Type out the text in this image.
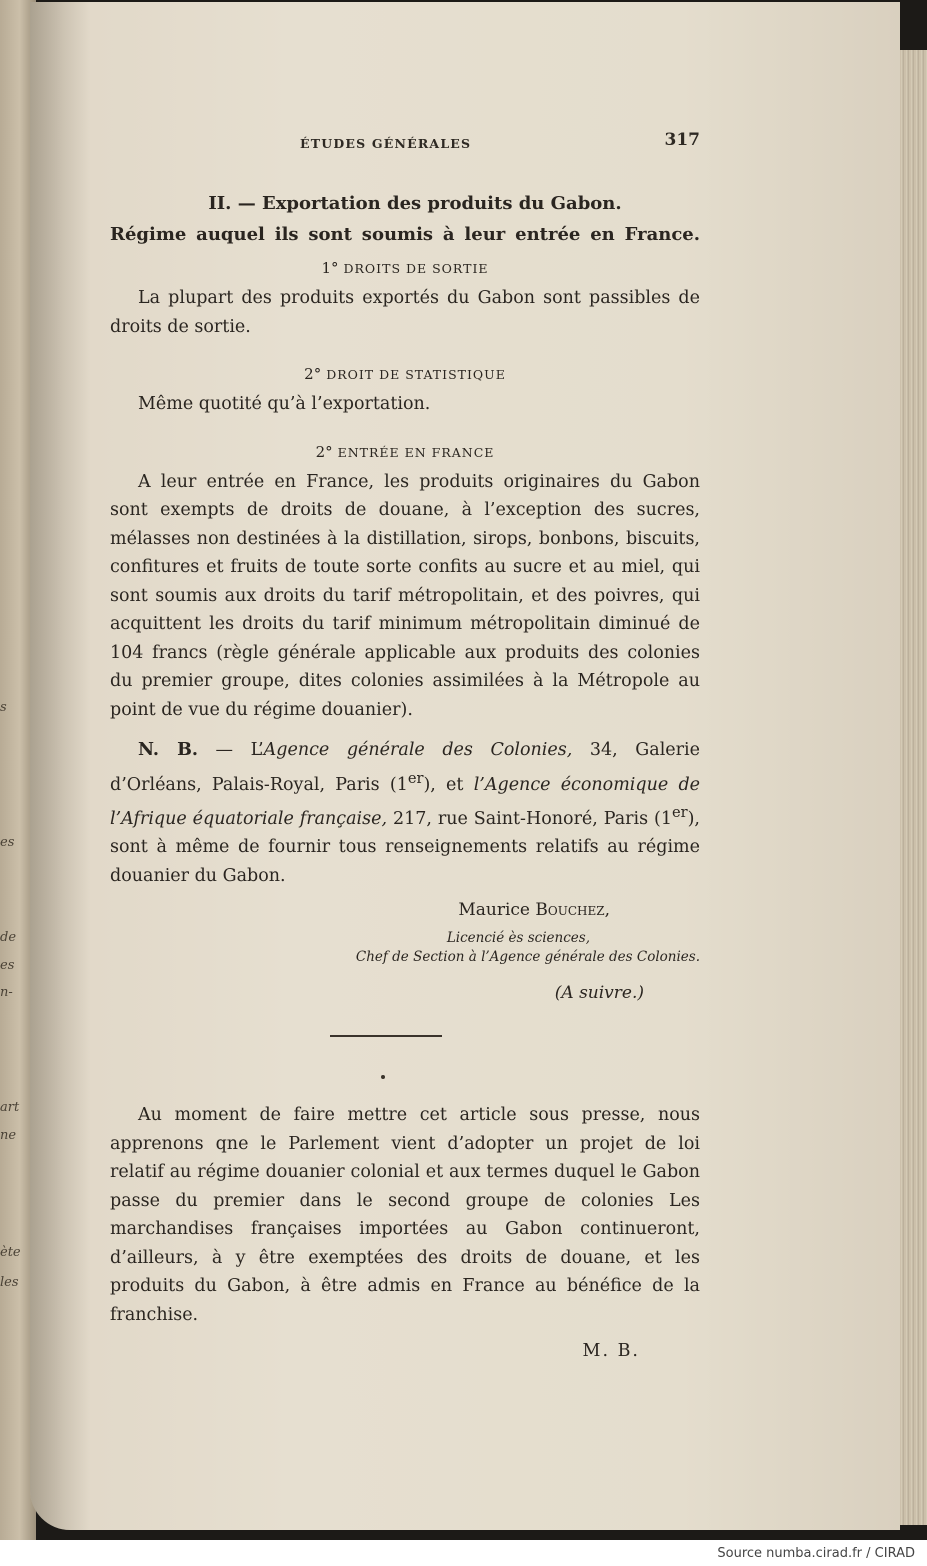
s
es
de
es
n-
art
ne
ète
les
ÉTUDES GÉNÉRALES	317
II. — Exportation des produits du Gabon.
Régime auquel ils sont soumis à leur entrée en France.
1° DROITS DE SORTIE

La plupart des produits exportés du Gabon sont passibles de droits de sortie.

2° DROIT DE STATISTIQUE

Même quotité qu’à l’exportation.

2° ENTRÉE EN FRANCE

A leur entrée en France, les produits originaires du Gabon sont exempts de droits de douane, à l’exception des sucres, mélasses non destinées à la distillation, sirops, bonbons, biscuits, confitures et fruits de toute sorte confits au sucre et au miel, qui sont soumis aux droits du tarif métropolitain, et des poivres, qui acquittent les droits du tarif minimum métropolitain diminué de 104 francs (règle générale applicable aux produits des colonies du premier groupe, dites colonies assimilées à la Métropole au point de vue du régime douanier).

N. B. — L’Agence générale des Colonies, 34, Galerie d’Orléans, Palais-Royal, Paris (1er), et l’Agence économique de l’Afrique équatoriale française, 217, rue Saint-Honoré, Paris (1er), sont à même de fournir tous renseignements relatifs au régime douanier du Gabon.

Maurice Bouchez,
Licencié ès sciences,
Chef de Section à l’Agence générale des Colonies.
(A suivre.)

Au moment de faire mettre cet article sous presse, nous apprenons qne le Parlement vient d’adopter un projet de loi relatif au régime douanier colonial et aux termes duquel le Gabon passe du premier dans le second groupe de colonies Les marchandises françaises importées au Gabon continueront, d’ailleurs, à y être exemptées des droits de douane, et les produits du Gabon, à être admis en France au bénéfice de la franchise.

M. B.
Source numba.cirad.fr / CIRAD
